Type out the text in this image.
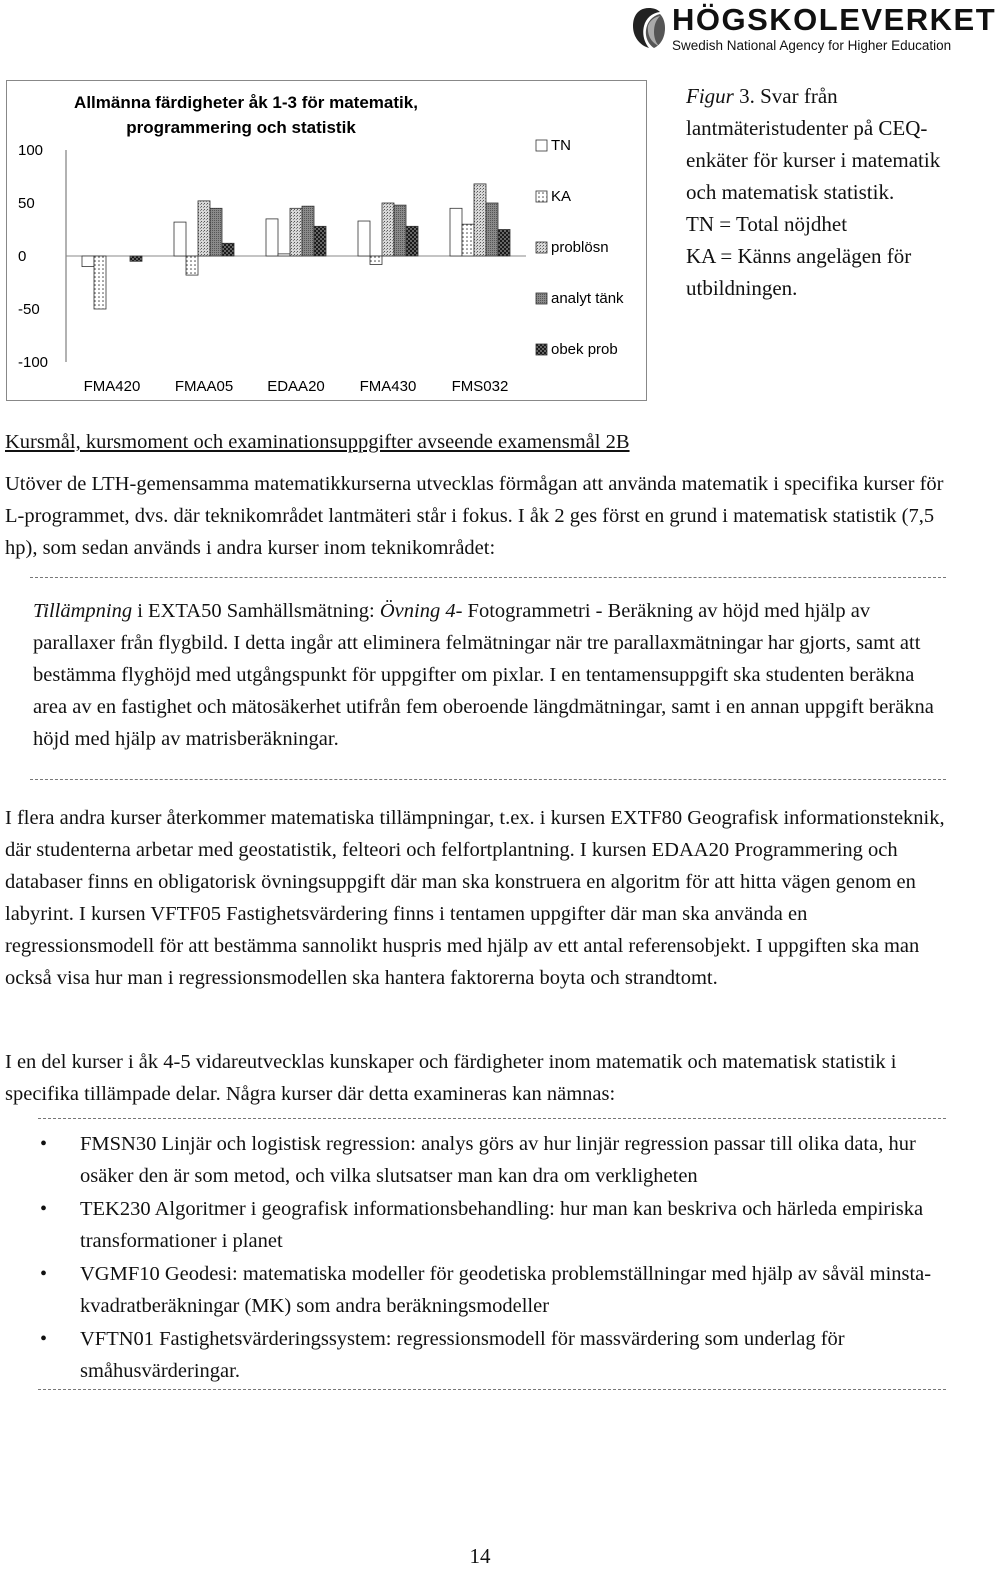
HÖGSKOLEVERKET
Swedish National Agency for Higher Education
Allmänna färdigheter åk 1-3 för matematik,
programmering och statistik
100
50
0
-50
-100
FMA420 FMAA05 EDAA20 FMA430 FMS032
TN
KA
problösn
analyt tänk
obek prob

Figur 3. Svar från lantmäteristudenter på CEQ-enkäter för kurser i matematik och matematisk statistik.

TN = Total nöjdhet

KA = Känns angelägen för utbildningen.

Kursmål, kursmoment och examinationsuppgifter avseende examensmål 2B

Utöver de LTH-gemensamma matematikkurserna utvecklas förmågan att använda matematik i specifika kurser för L-programmet, dvs. där teknikområdet lantmäteri står i fokus. I åk 2 ges först en grund i matematisk statistik (7,5 hp), som sedan används i andra kurser inom teknikområdet:

Tillämpning i EXTA50 Samhällsmätning: Övning 4- Fotogrammetri - Beräkning av höjd med hjälp av parallaxer från flygbild. I detta ingår att eliminera felmätningar när tre parallaxmätningar har gjorts, samt att bestämma flyghöjd med utgångspunkt för uppgifter om pixlar. I en tentamensuppgift ska studenten beräkna area av en fastighet och mätosäkerhet utifrån fem oberoende längdmätningar, samt i en annan uppgift beräkna höjd med hjälp av matrisberäkningar.

I flera andra kurser återkommer matematiska tillämpningar, t.ex. i kursen EXTF80 Geografisk informationsteknik, där studenterna arbetar med geostatistik, felteori och felfortplantning. I kursen EDAA20 Programmering och databaser finns en obligatorisk övningsuppgift där man ska konstruera en algoritm för att hitta vägen genom en labyrint. I kursen VFTF05 Fastighetsvärdering finns i tentamen uppgifter där man ska använda en regressionsmodell för att bestämma sannolikt huspris med hjälp av ett antal referensobjekt. I uppgiften ska man också visa hur man i regressionsmodellen ska hantera faktorerna boyta och strandtomt.

I en del kurser i åk 4-5 vidareutvecklas kunskaper och färdigheter inom matematik och matematisk statistik i specifika tillämpade delar. Några kurser där detta examineras kan nämnas:

• FMSN30 Linjär och logistisk regression: analys görs av hur linjär regression passar till olika data, hur osäker den är som metod, och vilka slutsatser man kan dra om verkligheten
• TEK230 Algoritmer i geografisk informationsbehandling: hur man kan beskriva och härleda empiriska transformationer i planet
• VGMF10 Geodesi: matematiska modeller för geodetiska problemställningar med hjälp av såväl minsta-kvadratberäkningar (MK) som andra beräkningsmodeller
• VFTN01 Fastighetsvärderingssystem: regressionsmodell för massvärdering som underlag för småhusvärderingar.
14
